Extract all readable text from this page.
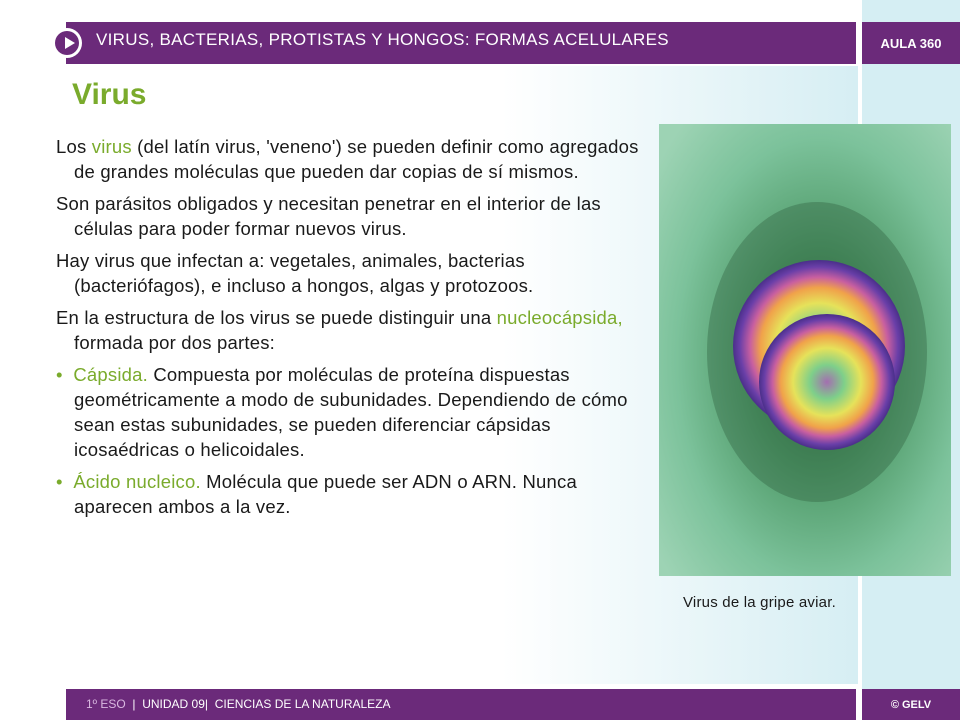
VIRUS, BACTERIAS, PROTISTAS Y HONGOS: FORMAS ACELULARES	AULA 360
Virus

Los virus (del latín virus, 'veneno') se pueden definir como agregados de grandes moléculas que pueden dar copias de sí mismos.

Son parásitos obligados y necesitan penetrar en el interior de las células para poder formar nuevos virus.

Hay virus que infectan a: vegetales, animales, bacterias (bacteriófagos), e incluso a hongos, algas y protozoos.

En la estructura de los virus se puede distinguir una nucleocápsida, formada por dos partes:

•  Cápsida. Compuesta por moléculas de proteína dispuestas geométricamente a modo de subunidades. Dependiendo de cómo sean estas subunidades, se pueden diferenciar cápsidas icosaédricas o helicoidales.

•  Ácido nucleico. Molécula que puede ser ADN o ARN. Nunca aparecen ambos a la vez.

Virus de la gripe aviar.
1º ESO | UNIDAD 09| CIENCIAS DE LA NATURALEZA	© GELV
